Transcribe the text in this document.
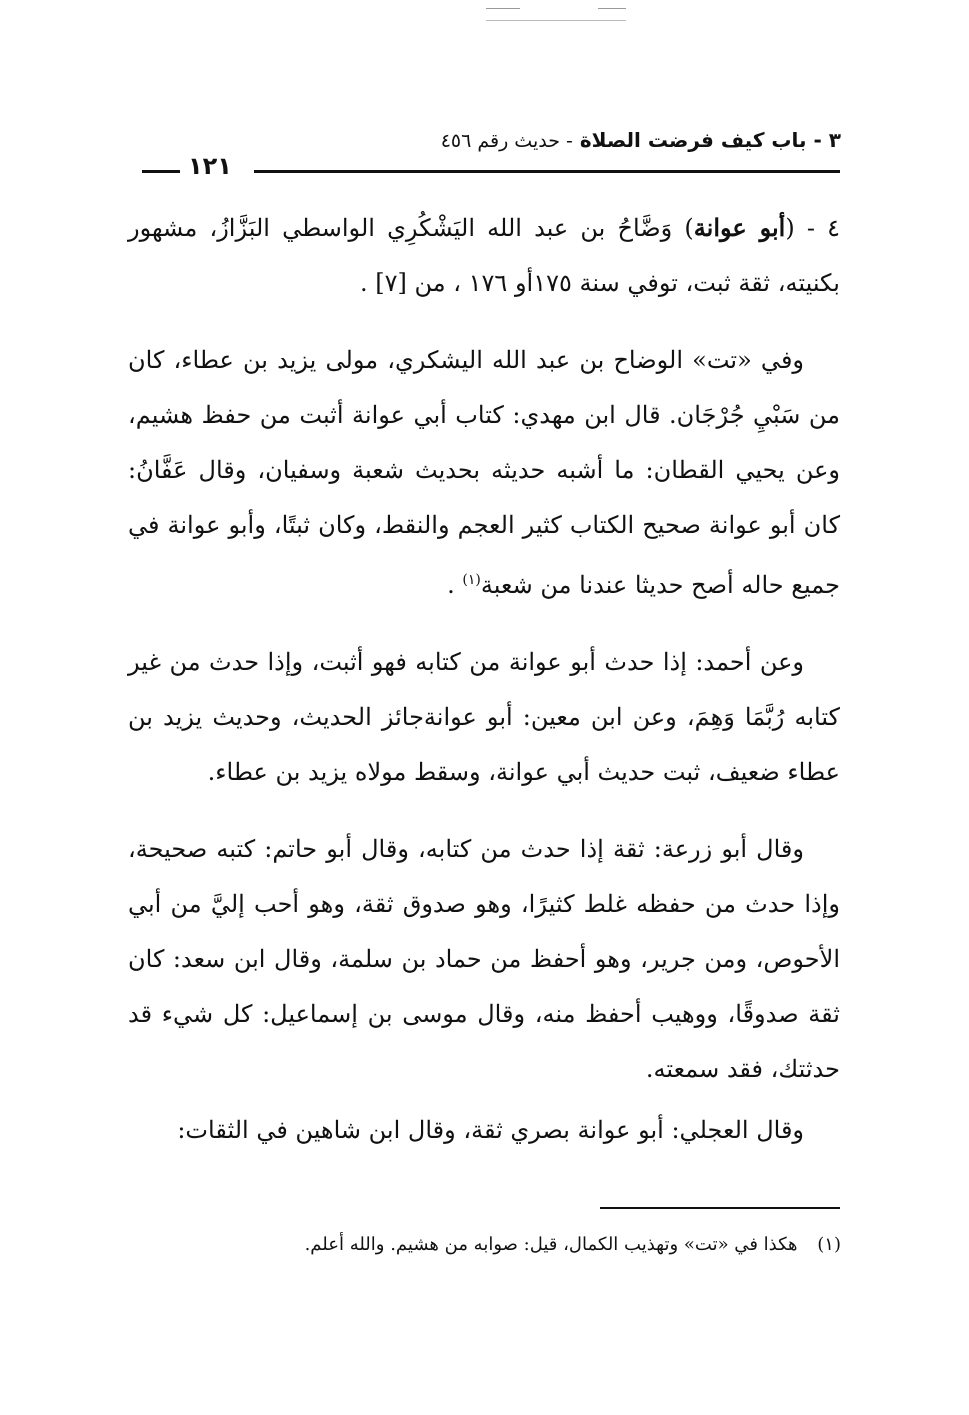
٣ - باب كيف فرضت الصلاة - حديث رقم ٤٥٦
١٢١

٤ - (أبو عوانة) وَضَّاحُ بن عبد الله اليَشْكُرِي الواسطي البَزَّازُ، مشهور بكنيته، ثقة ثبت، توفي سنة ١٧٥أو ١٧٦ ، من [٧] .

وفي «تت» الوضاح بن عبد الله اليشكري، مولى يزيد بن عطاء، كان من سَبْيِ جُرْجَان. قال ابن مهدي: كتاب أبي عوانة أثبت من حفظ هشيم، وعن يحيي القطان: ما أشبه حديثه بحديث شعبة وسفيان، وقال عَفَّانُ: كان أبو عوانة صحيح الكتاب كثير العجم والنقط، وكان ثبتًا، وأبو عوانة في جميع حاله أصح حديثا عندنا من شعبة$^{(١)}$ .

وعن أحمد: إذا حدث أبو عوانة من كتابه فهو أثبت، وإذا حدث من غير كتابه رُبَّمَا وَهِمَ، وعن ابن معين: أبو عوانةجائز الحديث، وحديث يزيد بن عطاء ضعيف، ثبت حديث أبي عوانة، وسقط مولاه يزيد بن عطاء.

وقال أبو زرعة: ثقة إذا حدث من كتابه، وقال أبو حاتم: كتبه صحيحة، وإذا حدث من حفظه غلط كثيرًا، وهو صدوق ثقة، وهو أحب إليَّ من أبي الأحوص، ومن جرير، وهو أحفظ من حماد بن سلمة، وقال ابن سعد: كان ثقة صدوقًا، ووهيب أحفظ منه، وقال موسى بن إسماعيل: كل شيء قد حدثتك، فقد سمعته.

وقال العجلي: أبو عوانة بصري ثقة، وقال ابن شاهين في الثقات:

(١) هكذا في «تت» وتهذيب الكمال، قيل: صوابه من هشيم. والله أعلم.
